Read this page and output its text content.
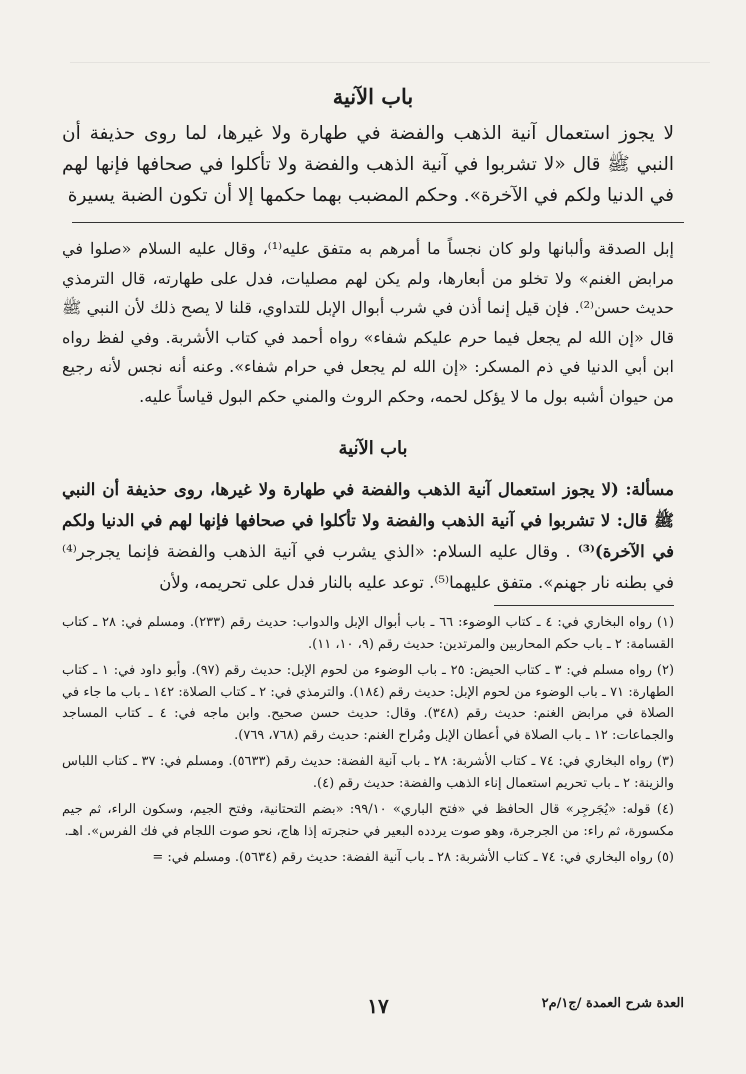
باب الآنية

لا يجوز استعمال آنية الذهب والفضة في طهارة ولا غيرها، لما روى حذيفة أن النبي ﷺ قال «لا تشربوا في آنية الذهب والفضة ولا تأكلوا في صحافها فإنها لهم في الدنيا ولكم في الآخرة». وحكم المضبب بهما حكمها إلا أن تكون الضبة يسيرة

إبل الصدقة وألبانها ولو كان نجساً ما أمرهم به متفق عليه⁽¹⁾، وقال عليه السلام «صلوا في مرابض الغنم» ولا تخلو من أبعارها، ولم يكن لهم مصليات، فدل على طهارته، قال الترمذي حديث حسن⁽²⁾. فإن قيل إنما أذن في شرب أبوال الإبل للتداوي، قلنا لا يصح ذلك لأن النبي ﷺ قال «إن الله لم يجعل فيما حرم عليكم شفاء» رواه أحمد في كتاب الأشربة. وفي لفظ رواه ابن أبي الدنيا في ذم المسكر: «إن الله لم يجعل في حرام شفاء». وعنه أنه نجس لأنه رجيع من حيوان أشبه بول ما لا يؤكل لحمه، وحكم الروث والمني حكم البول قياساً عليه.

باب الآنية

مسألة: (لا يجوز استعمال آنية الذهب والفضة في طهارة ولا غيرها، روى حذيفة أن النبي ﷺ قال: لا تشربوا في آنية الذهب والفضة ولا تأكلوا في صحافها فإنها لهم في الدنيا ولكم في الآخرة)⁽³⁾ . وقال عليه السلام: «الذي يشرب في آنية الذهب والفضة فإنما يجرجر⁽⁴⁾ في بطنه نار جهنم». متفق عليهما⁽⁵⁾. توعد عليه بالنار فدل على تحريمه، ولأن

(١) رواه البخاري في: ٤ ـ كتاب الوضوء: ٦٦ ـ باب أبوال الإبل والدواب: حديث رقم (٢٣٣). ومسلم في: ٢٨ ـ كتاب القسامة: ٢ ـ باب حكم المحاربين والمرتدين: حديث رقم (٩، ١٠، ١١).

(٢) رواه مسلم في: ٣ ـ كتاب الحيض: ٢٥ ـ باب الوضوء من لحوم الإبل: حديث رقم (٩٧). وأبو داود في: ١ ـ كتاب الطهارة: ٧١ ـ باب الوضوء من لحوم الإبل: حديث رقم (١٨٤). والترمذي في: ٢ ـ كتاب الصلاة: ١٤٢ ـ باب ما جاء في الصلاة في مرابض الغنم: حديث رقم (٣٤٨). وقال: حديث حسن صحيح. وابن ماجه في: ٤ ـ كتاب المساجد والجماعات: ١٢ ـ باب الصلاة في أعطان الإبل ومُراح الغنم: حديث رقم (٧٦٨، ٧٦٩).

(٣) رواه البخاري في: ٧٤ ـ كتاب الأشربة: ٢٨ ـ باب آنية الفضة: حديث رقم (٥٦٣٣). ومسلم في: ٣٧ ـ كتاب اللباس والزينة: ٢ ـ باب تحريم استعمال إناء الذهب والفضة: حديث رقم (٤).

(٤) قوله: «يُجَرجِر» قال الحافظ في «فتح الباري» ٩٩/١٠: «بضم التحتانية، وفتح الجيم، وسكون الراء، ثم جيم مكسورة، ثم راء: من الجرجرة، وهو صوت يردده البعير في حنجرته إذا هاج، نحو صوت اللجام في فك الفرس». اهـ.

(٥) رواه البخاري في: ٧٤ ـ كتاب الأشربة: ٢٨ ـ باب آنية الفضة: حديث رقم (٥٦٣٤). ومسلم في: =

العدة شرح العمدة /ج١/م٢
١٧
